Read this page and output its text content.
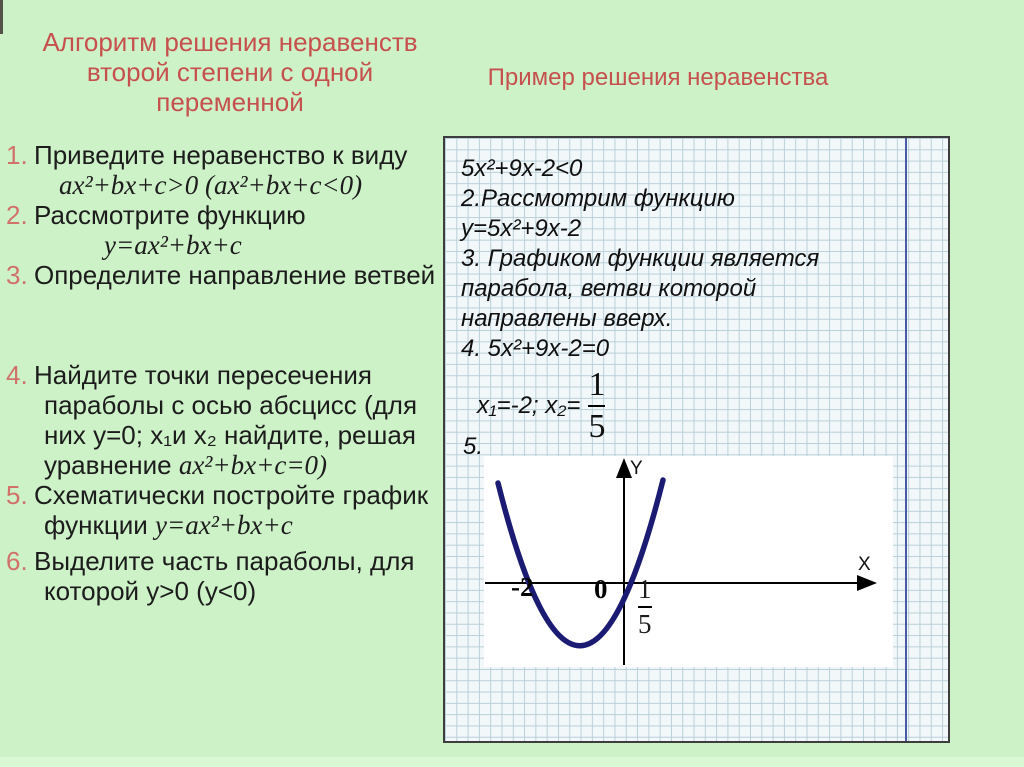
Алгоритм решения неравенств
второй степени с одной
переменной
1. Приведите неравенство к виду
ax²+bx+c>0 (ax²+bx+c<0)
2. Рассмотрите функцию
y=ax²+bx+c
3. Определите направление ветвей
4. Найдите точки пересечения
параболы с осью абсцисс (для
них y=0; x₁и x₂ найдите, решая
уравнение ax²+bx+c=0)
5. Схематически постройте график
функции y=ax²+bx+c
6. Выделите часть параболы, для
которой y>0 (y<0)
Пример решения неравенства
5x²+9x-2<0
2.Рассмотрим функцию
y=5x²+9x-2
3. Графиком функции является
парабола, ветви которой
направлены вверх.
4. 5x²+9x-2=0
x₁=-2; $x_2= \frac{1}{5}$
5.
Y
X
-2 0 1
5
